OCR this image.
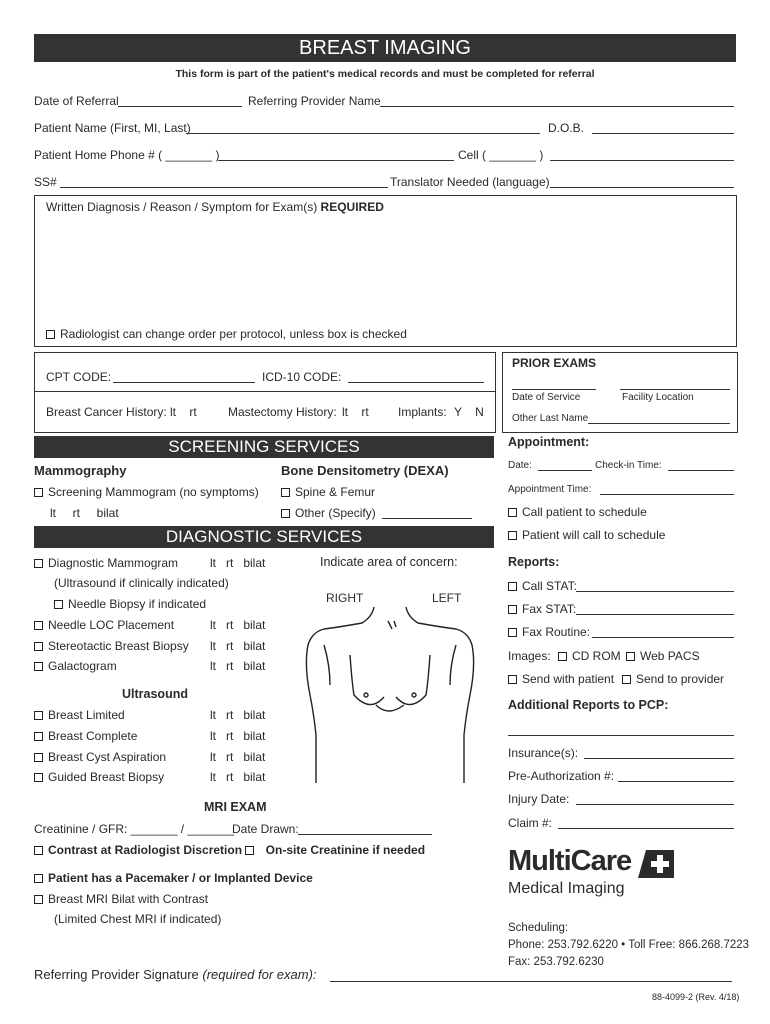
BREAST IMAGING
This form is part of the patient's medical records and must be completed for referral
Date of Referral	Referring Provider Name
Patient Name (First, MI, Last)	D.O.B.
Patient Home Phone # ( _______ )	Cell ( _______ )
SS#	Translator Needed (language)
Written Diagnosis / Reason / Symptom for Exam(s) REQUIRED
Radiologist can change order per protocol, unless box is checked
CPT CODE:	ICD-10 CODE:
Breast Cancer History: lt    rt	Mastectomy History: lt    rt Implants: Y    N
PRIOR EXAMS
Date of Service	Facility Location
Other Last Name
SCREENING SERVICES
Mammography
Screening Mammogram (no symptoms)
lt     rt     bilat
Bone Densitometry (DEXA)
Spine & Femur
Other (Specify)
DIAGNOSTIC SERVICES
Diagnostic Mammogram	lt   rt   bilat
(Ultrasound if clinically indicated)
Needle Biopsy if indicated
Needle LOC Placement	lt   rt   bilat
Stereotactic Breast Biopsy lt   rt   bilat
Galactogram	lt   rt   bilat
Indicate area of concern:
RIGHT	LEFT
Ultrasound
Breast Limited	lt   rt   bilat
Breast Complete	lt   rt   bilat
Breast Cyst Aspiration	lt   rt   bilat
Guided Breast Biopsy	lt   rt   bilat
MRI EXAM
Creatinine / GFR: _______ / _______
Date Drawn:
Contrast at Radiologist Discretion	On-site Creatinine if needed
Patient has a Pacemaker / or Implanted Device
Breast MRI Bilat with Contrast
(Limited Chest MRI if indicated)
Appointment:
Date:	Check-in Time:
Appointment Time:
Call patient to schedule
Patient will call to schedule
Reports:
Call STAT:
Fax STAT:
Fax Routine:
Images:	CD ROM	Web PACS
Send with patient	Send to provider
Additional Reports to PCP:
Insurance(s):
Pre-Authorization #:
Injury Date:
Claim #:
MultiCare
Medical Imaging
Scheduling:
Phone: 253.792.6220 • Toll Free: 866.268.7223
Fax: 253.792.6230
Referring Provider Signature (required for exam):
88-4099-2 (Rev. 4/18)
